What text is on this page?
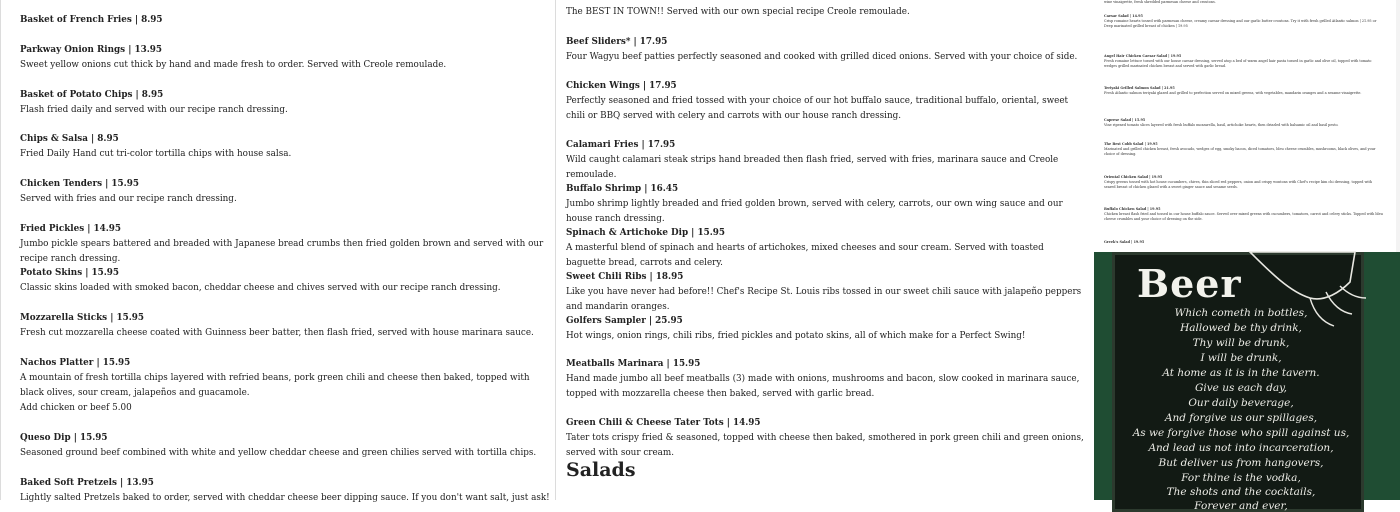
Basket of French Fries | 8.95
Parkway Onion Rings | 13.95
Sweet yellow onions cut thick by hand and made fresh to order. Served with Creole remoulade.
Basket of Potato Chips | 8.95
Flash fried daily and served with our recipe ranch dressing.
Chips & Salsa | 8.95
Fried Daily Hand cut tri-color tortilla chips with house salsa.
Chicken Tenders | 15.95
Served with fries and our recipe ranch dressing.
Fried Pickles | 14.95
Jumbo pickle spears battered and breaded with Japanese bread crumbs then fried golden brown and served with our recipe ranch dressing.
Potato Skins | 15.95
Classic skins loaded with smoked bacon, cheddar cheese and chives served with our recipe ranch dressing.
Mozzarella Sticks | 15.95
Fresh cut mozzarella cheese coated with Guinness beer batter, then flash fried, served with house marinara sauce.
Nachos Platter | 15.95
A mountain of fresh tortilla chips layered with refried beans, pork green chili and cheese then baked, topped with black olives, sour cream, jalapeños and guacamole.
Add chicken or beef 5.00
Queso Dip | 15.95
Seasoned ground beef combined with white and yellow cheddar cheese and green chilies served with tortilla chips.
Baked Soft Pretzels | 13.95
Lightly salted Pretzels baked to order, served with cheddar cheese beer dipping sauce. If you don't want salt, just ask!
The BEST IN TOWN!! Served with our own special recipe Creole remoulade.
Beef Sliders* | 17.95
Four Wagyu beef patties perfectly seasoned and cooked with grilled diced onions. Served with your choice of side.
Chicken Wings | 17.95
Perfectly seasoned and fried tossed with your choice of our hot buffalo sauce, traditional buffalo, oriental, sweet chili or BBQ served with celery and carrots with our house ranch dressing.
Calamari Fries | 17.95
Wild caught calamari steak strips hand breaded then flash fried, served with fries, marinara sauce and Creole remoulade.
Buffalo Shrimp | 16.45
Jumbo shrimp lightly breaded and fried golden brown, served with celery, carrots, our own wing sauce and our house ranch dressing.
Spinach & Artichoke Dip | 15.95
A masterful blend of spinach and hearts of artichokes, mixed cheeses and sour cream. Served with toasted baguette bread, carrots and celery.
Sweet Chili Ribs | 18.95
Like you have never had before!! Chef's Recipe St. Louis ribs tossed in our sweet chili sauce with jalapeño peppers and mandarin oranges.
Golfers Sampler | 25.95
Hot wings, onion rings, chili ribs, fried pickles and potato skins, all of which make for a Perfect Swing!
Meatballs Marinara | 15.95
Hand made jumbo all beef meatballs (3) made with onions, mushrooms and bacon, slow cooked in marinara sauce, topped with mozzarella cheese then baked, served with garlic bread.
Green Chili & Cheese Tater Tots | 14.95
Tater tots crispy fried & seasoned, topped with cheese then baked, smothered in pork green chili and green onions, served with sour cream.
Salads
wine vinaigrette, fresh shredded parmesan cheese and croutons.
Caesar Salad | 14.95
Crisp romaine hearts tossed with parmesan cheese, creamy caesar dressing and our garlic butter croutons. Try it with fresh grilled Atlantic salmon | 21.95 or Deep marinated grilled breast of chicken | 19.95
Angel Hair Chicken Caesar Salad | 19.95
Fresh romaine lettuce tossed with our house caesar dressing, served atop a bed of warm angel hair pasta tossed in garlic and olive oil, topped with tomato wedges grilled marinated chicken breast and served with garlic bread.
Teriyaki Grilled Salmon Salad | 21.95
Fresh Atlantic salmon teriyaki glazed and grilled to perfection served on mixed greens, with vegetables, mandarin oranges and a sesame vinaigrette.
Caprese Salad | 15.95
Vine ripened tomato slices layered with fresh buffalo mozzarella, basil, artichoke hearts, then drizzled with balsamic oil and basil pesto.
The Best Cobb Salad | 19.95
Marinated and grilled chicken breast, fresh avocado, wedges of egg, smoky bacon, diced tomatoes, bleu cheese crumbles, mushrooms, black olives, and your choice of dressing.
Oriental Chicken Salad | 19.95
Crispy greens tossed with hot house cucumbers, chives, thin sliced red peppers, onion and crispy wontons with Chef's recipe kim chi dressing, topped with seared breast of chicken glazed with a sweet ginger sauce and sesame seeds.
Buffalo Chicken Salad | 19.95
Chicken breast flash fried and tossed in our house buffalo sauce. Served over mixed greens with cucumbers, tomatoes, carrot and celery sticks. Topped with bleu cheese crumbles and your choice of dressing on the side.
Greek's Salad | 19.95
Beer
Which cometh in bottles,
Hallowed be thy drink,
Thy will be drunk,
I will be drunk,
At home as it is in the tavern.
Give us each day,
Our daily beverage,
And forgive us our spillages,
As we forgive those who spill against us,
And lead us not into incarceration,
But deliver us from hangovers,
For thine is the vodka,
The shots and the cocktails,
Forever and ever,
